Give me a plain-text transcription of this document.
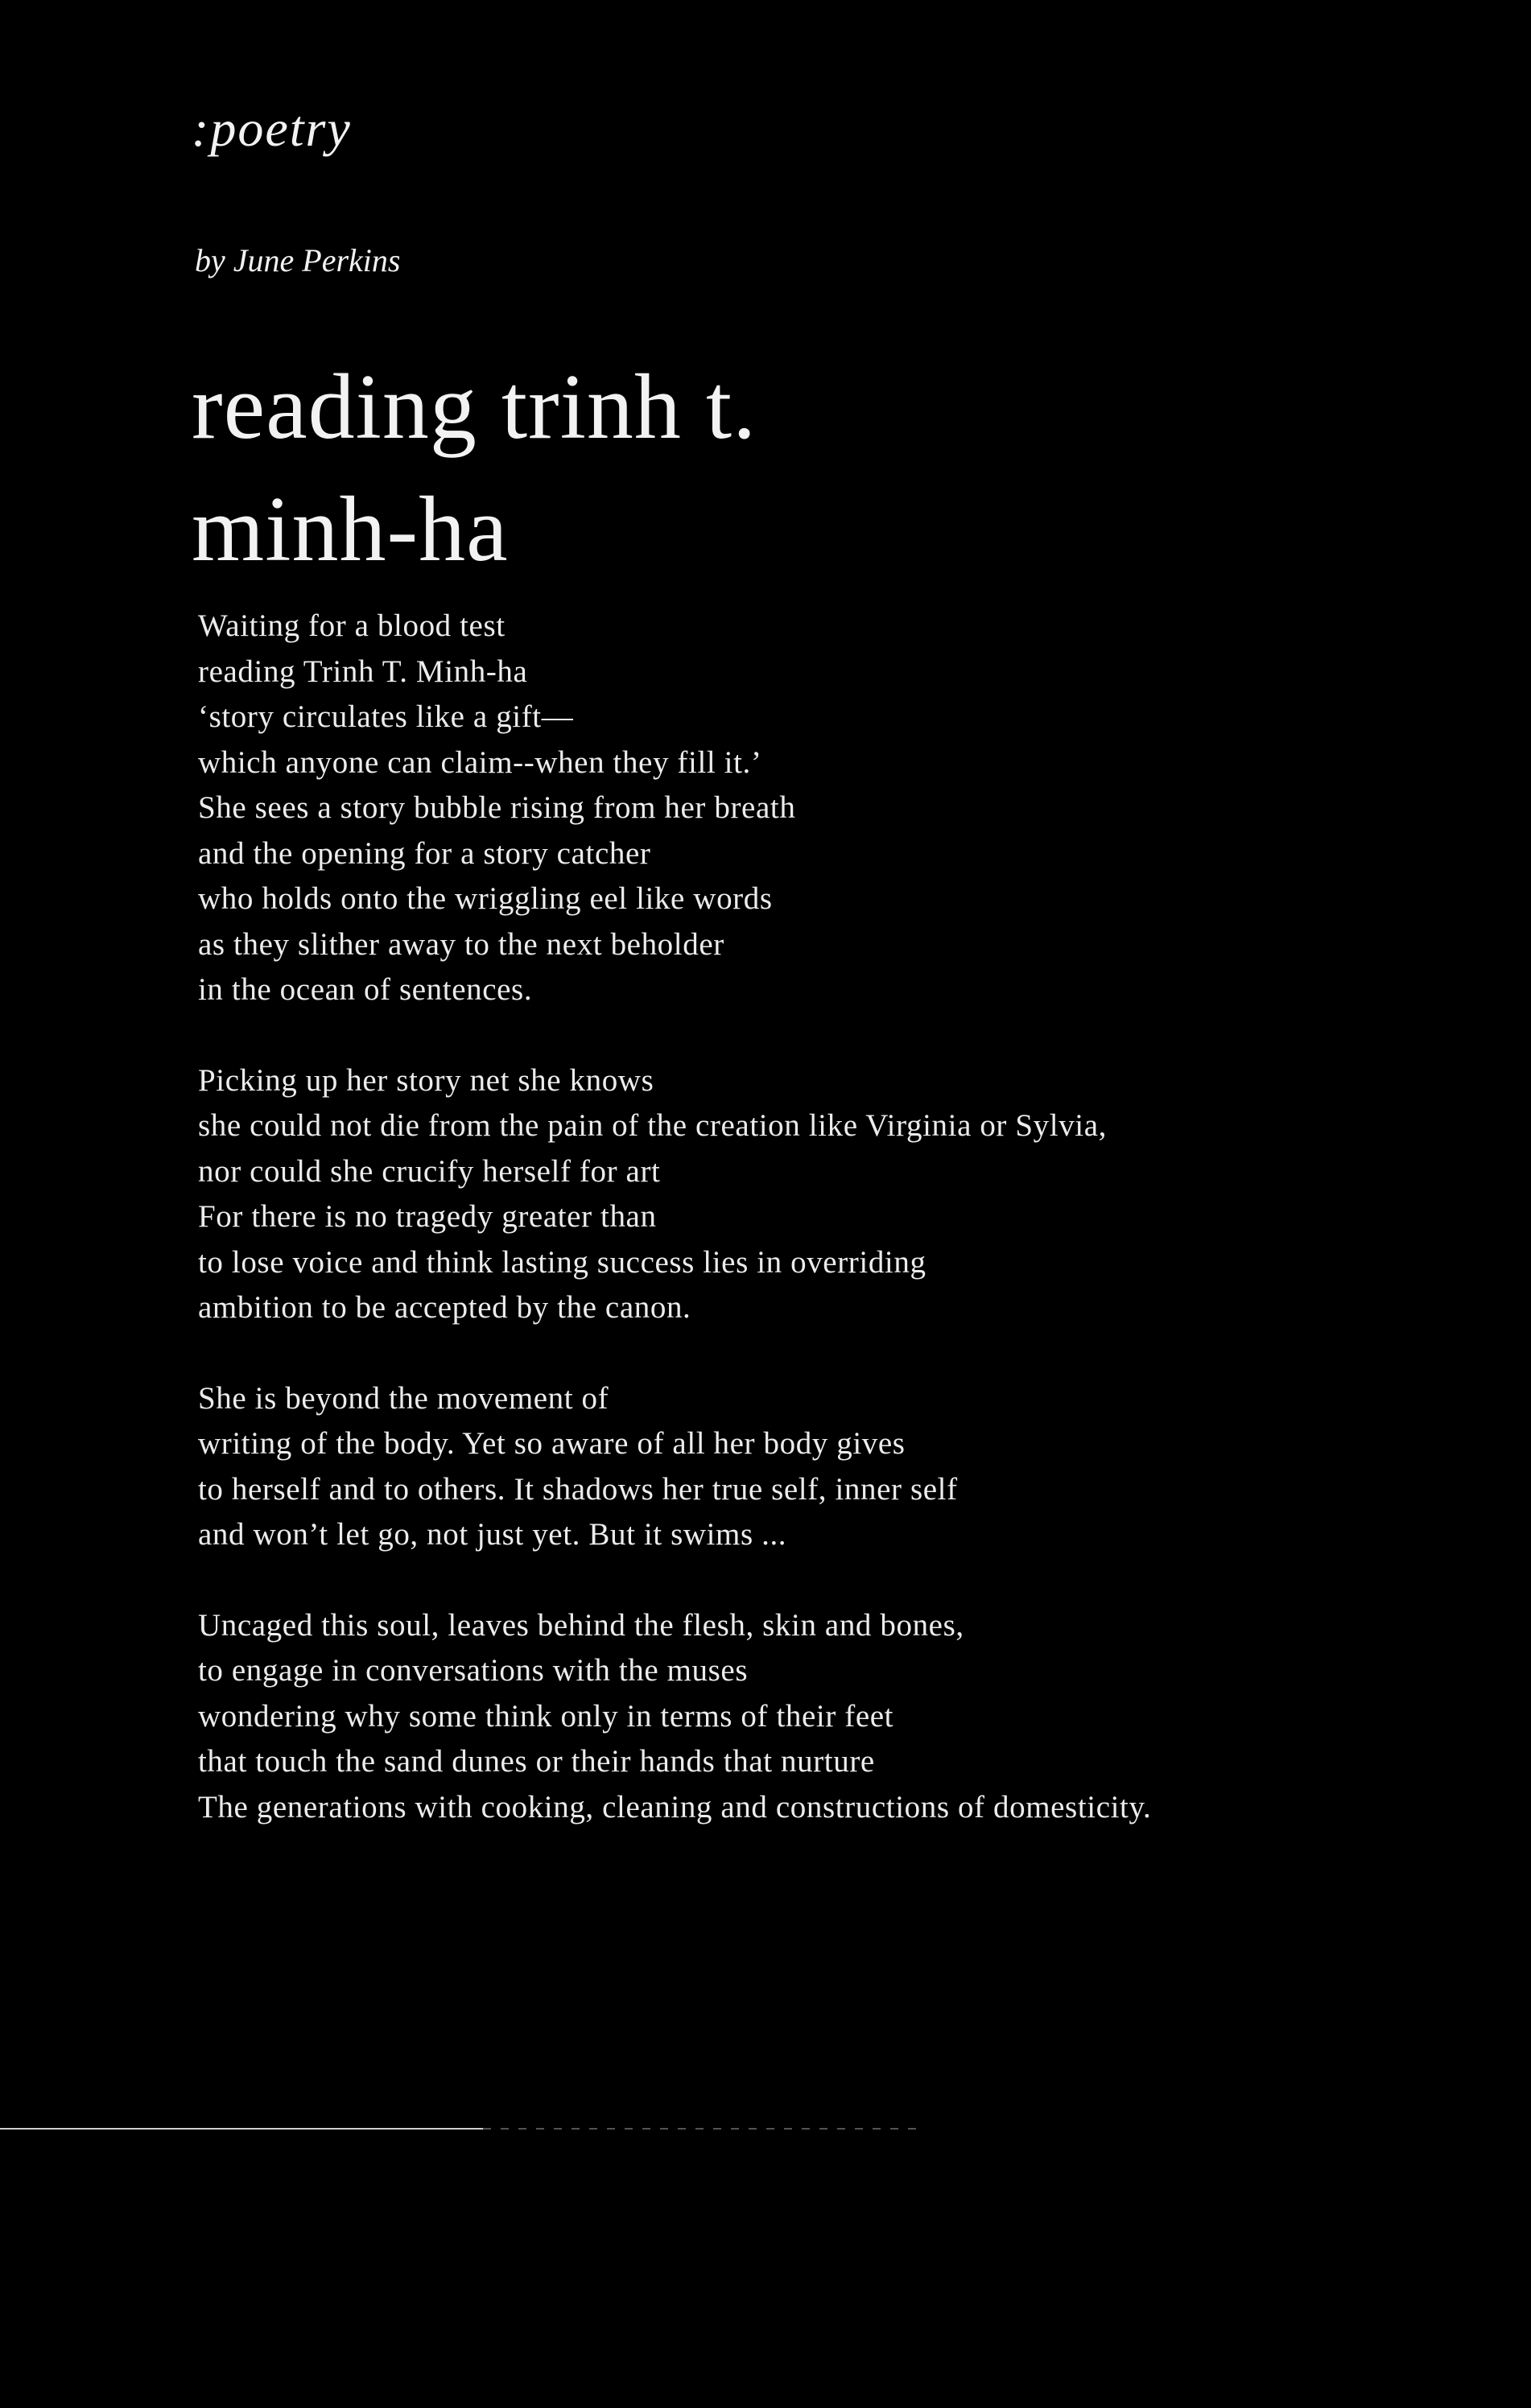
:poetry
by June Perkins
reading trinh t.
minh-ha
Waiting for a blood test
reading Trinh T. Minh-ha
‘story circulates like a gift—
which anyone can claim--when they fill it.’
She sees a story bubble rising from her breath
and the opening for a story catcher
who holds onto the wriggling eel like words
as they slither away to the next beholder
in the ocean of sentences.
Picking up her story net she knows
she could not die from the pain of the creation like Virginia or Sylvia,
nor could she crucify herself for art
For there is no tragedy greater than
to lose voice and think lasting success lies in overriding
ambition to be accepted by the canon.
She is beyond the movement of
writing of the body. Yet so aware of all her body gives
to herself and to others. It shadows her true self, inner self
and won’t let go, not just yet. But it swims ...
Uncaged this soul, leaves behind the flesh, skin and bones,
to engage in conversations with the muses
wondering why some think only in terms of their feet
that touch the sand dunes or their hands that nurture
The generations with cooking, cleaning and constructions of domesticity.
